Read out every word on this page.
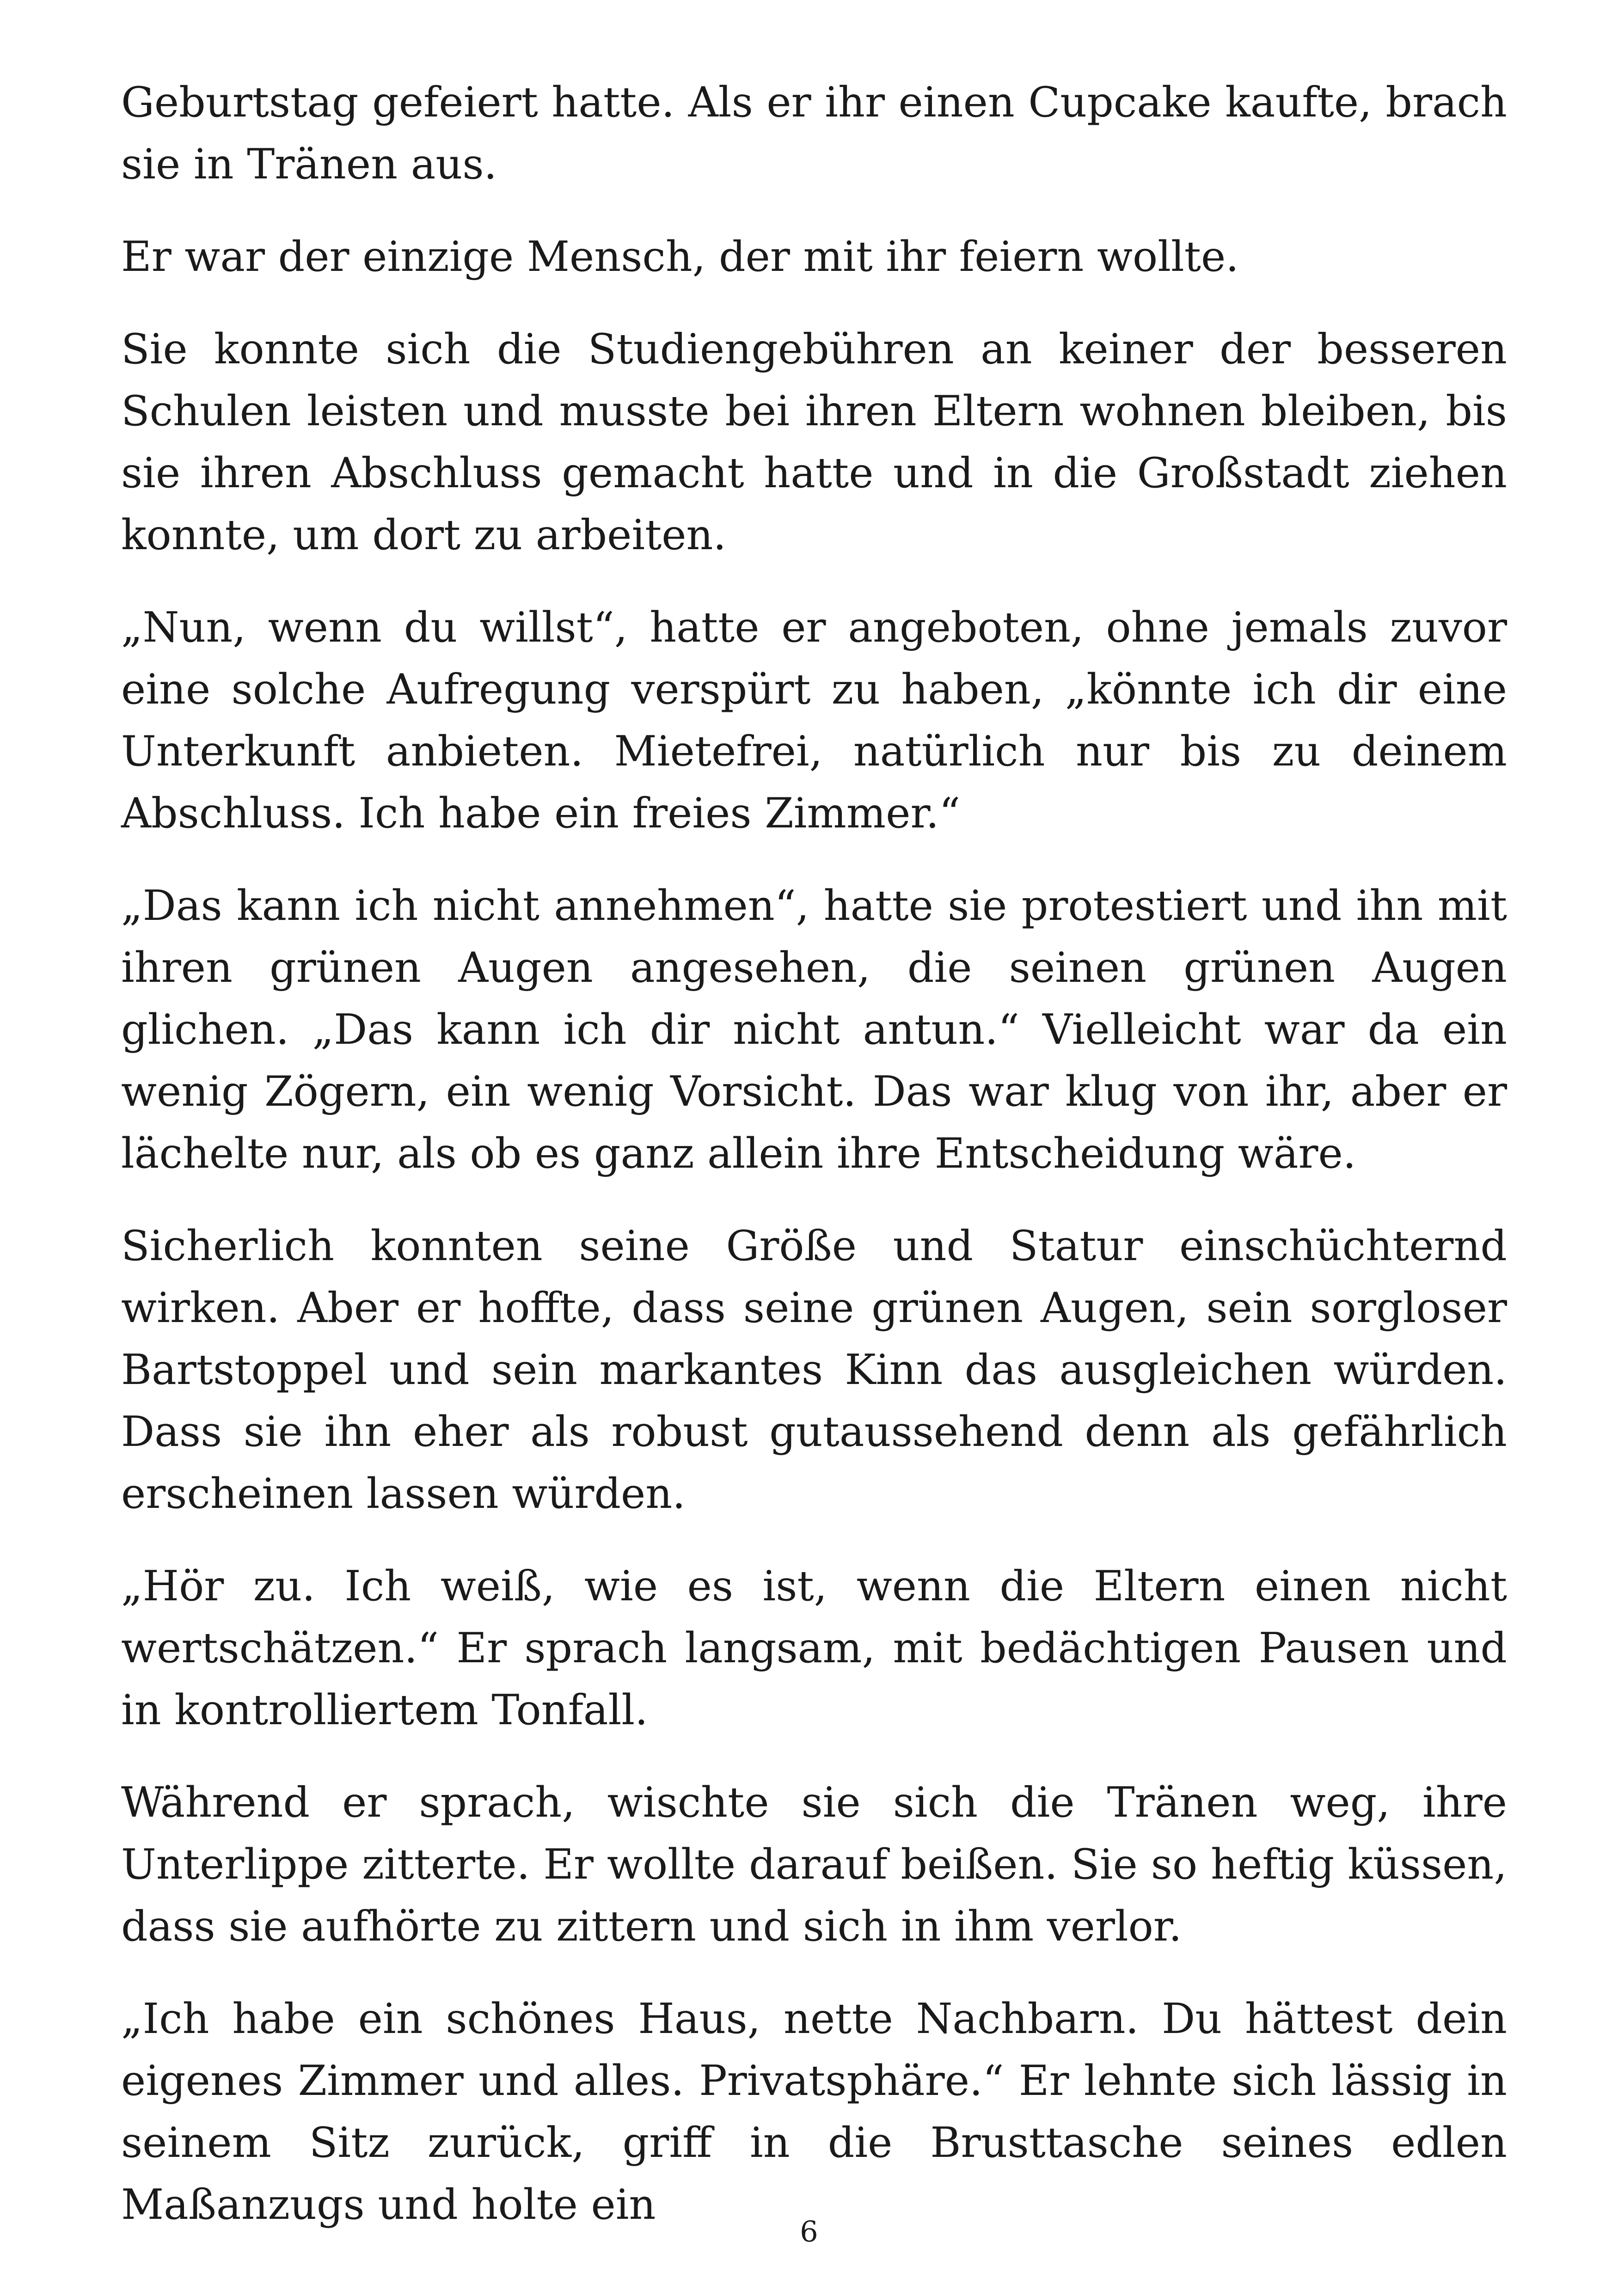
Geburtstag gefeiert hatte. Als er ihr einen Cupcake kaufte, brach sie in Tränen aus.

Er war der einzige Mensch, der mit ihr feiern wollte.

Sie konnte sich die Studiengebühren an keiner der besseren Schulen leisten und musste bei ihren Eltern wohnen bleiben, bis sie ihren Abschluss gemacht hatte und in die Großstadt ziehen konnte, um dort zu arbeiten.

„Nun, wenn du willst“, hatte er angeboten, ohne jemals zuvor eine solche Aufregung verspürt zu haben, „könnte ich dir eine Unterkunft anbieten. Mietefrei, natürlich nur bis zu deinem Abschluss. Ich habe ein freies Zimmer.“

„Das kann ich nicht annehmen“, hatte sie protestiert und ihn mit ihren grünen Augen angesehen, die seinen grünen Augen glichen. „Das kann ich dir nicht antun.“ Vielleicht war da ein wenig Zögern, ein wenig Vorsicht. Das war klug von ihr, aber er lächelte nur, als ob es ganz allein ihre Entscheidung wäre.

Sicherlich konnten seine Größe und Statur einschüchternd wirken. Aber er hoffte, dass seine grünen Augen, sein sorgloser Bartstoppel und sein markantes Kinn das ausgleichen würden. Dass sie ihn eher als robust gutaussehend denn als gefährlich erscheinen lassen würden.

„Hör zu. Ich weiß, wie es ist, wenn die Eltern einen nicht wertschätzen.“ Er sprach langsam, mit bedächtigen Pausen und in kontrolliertem Tonfall.

Während er sprach, wischte sie sich die Tränen weg, ihre Unterlippe zitterte. Er wollte darauf beißen. Sie so heftig küssen, dass sie aufhörte zu zittern und sich in ihm verlor.

„Ich habe ein schönes Haus, nette Nachbarn. Du hättest dein eigenes Zimmer und alles. Privatsphäre.“ Er lehnte sich lässig in seinem Sitz zurück, griff in die Brusttasche seines edlen Maßanzugs und holte ein

6
